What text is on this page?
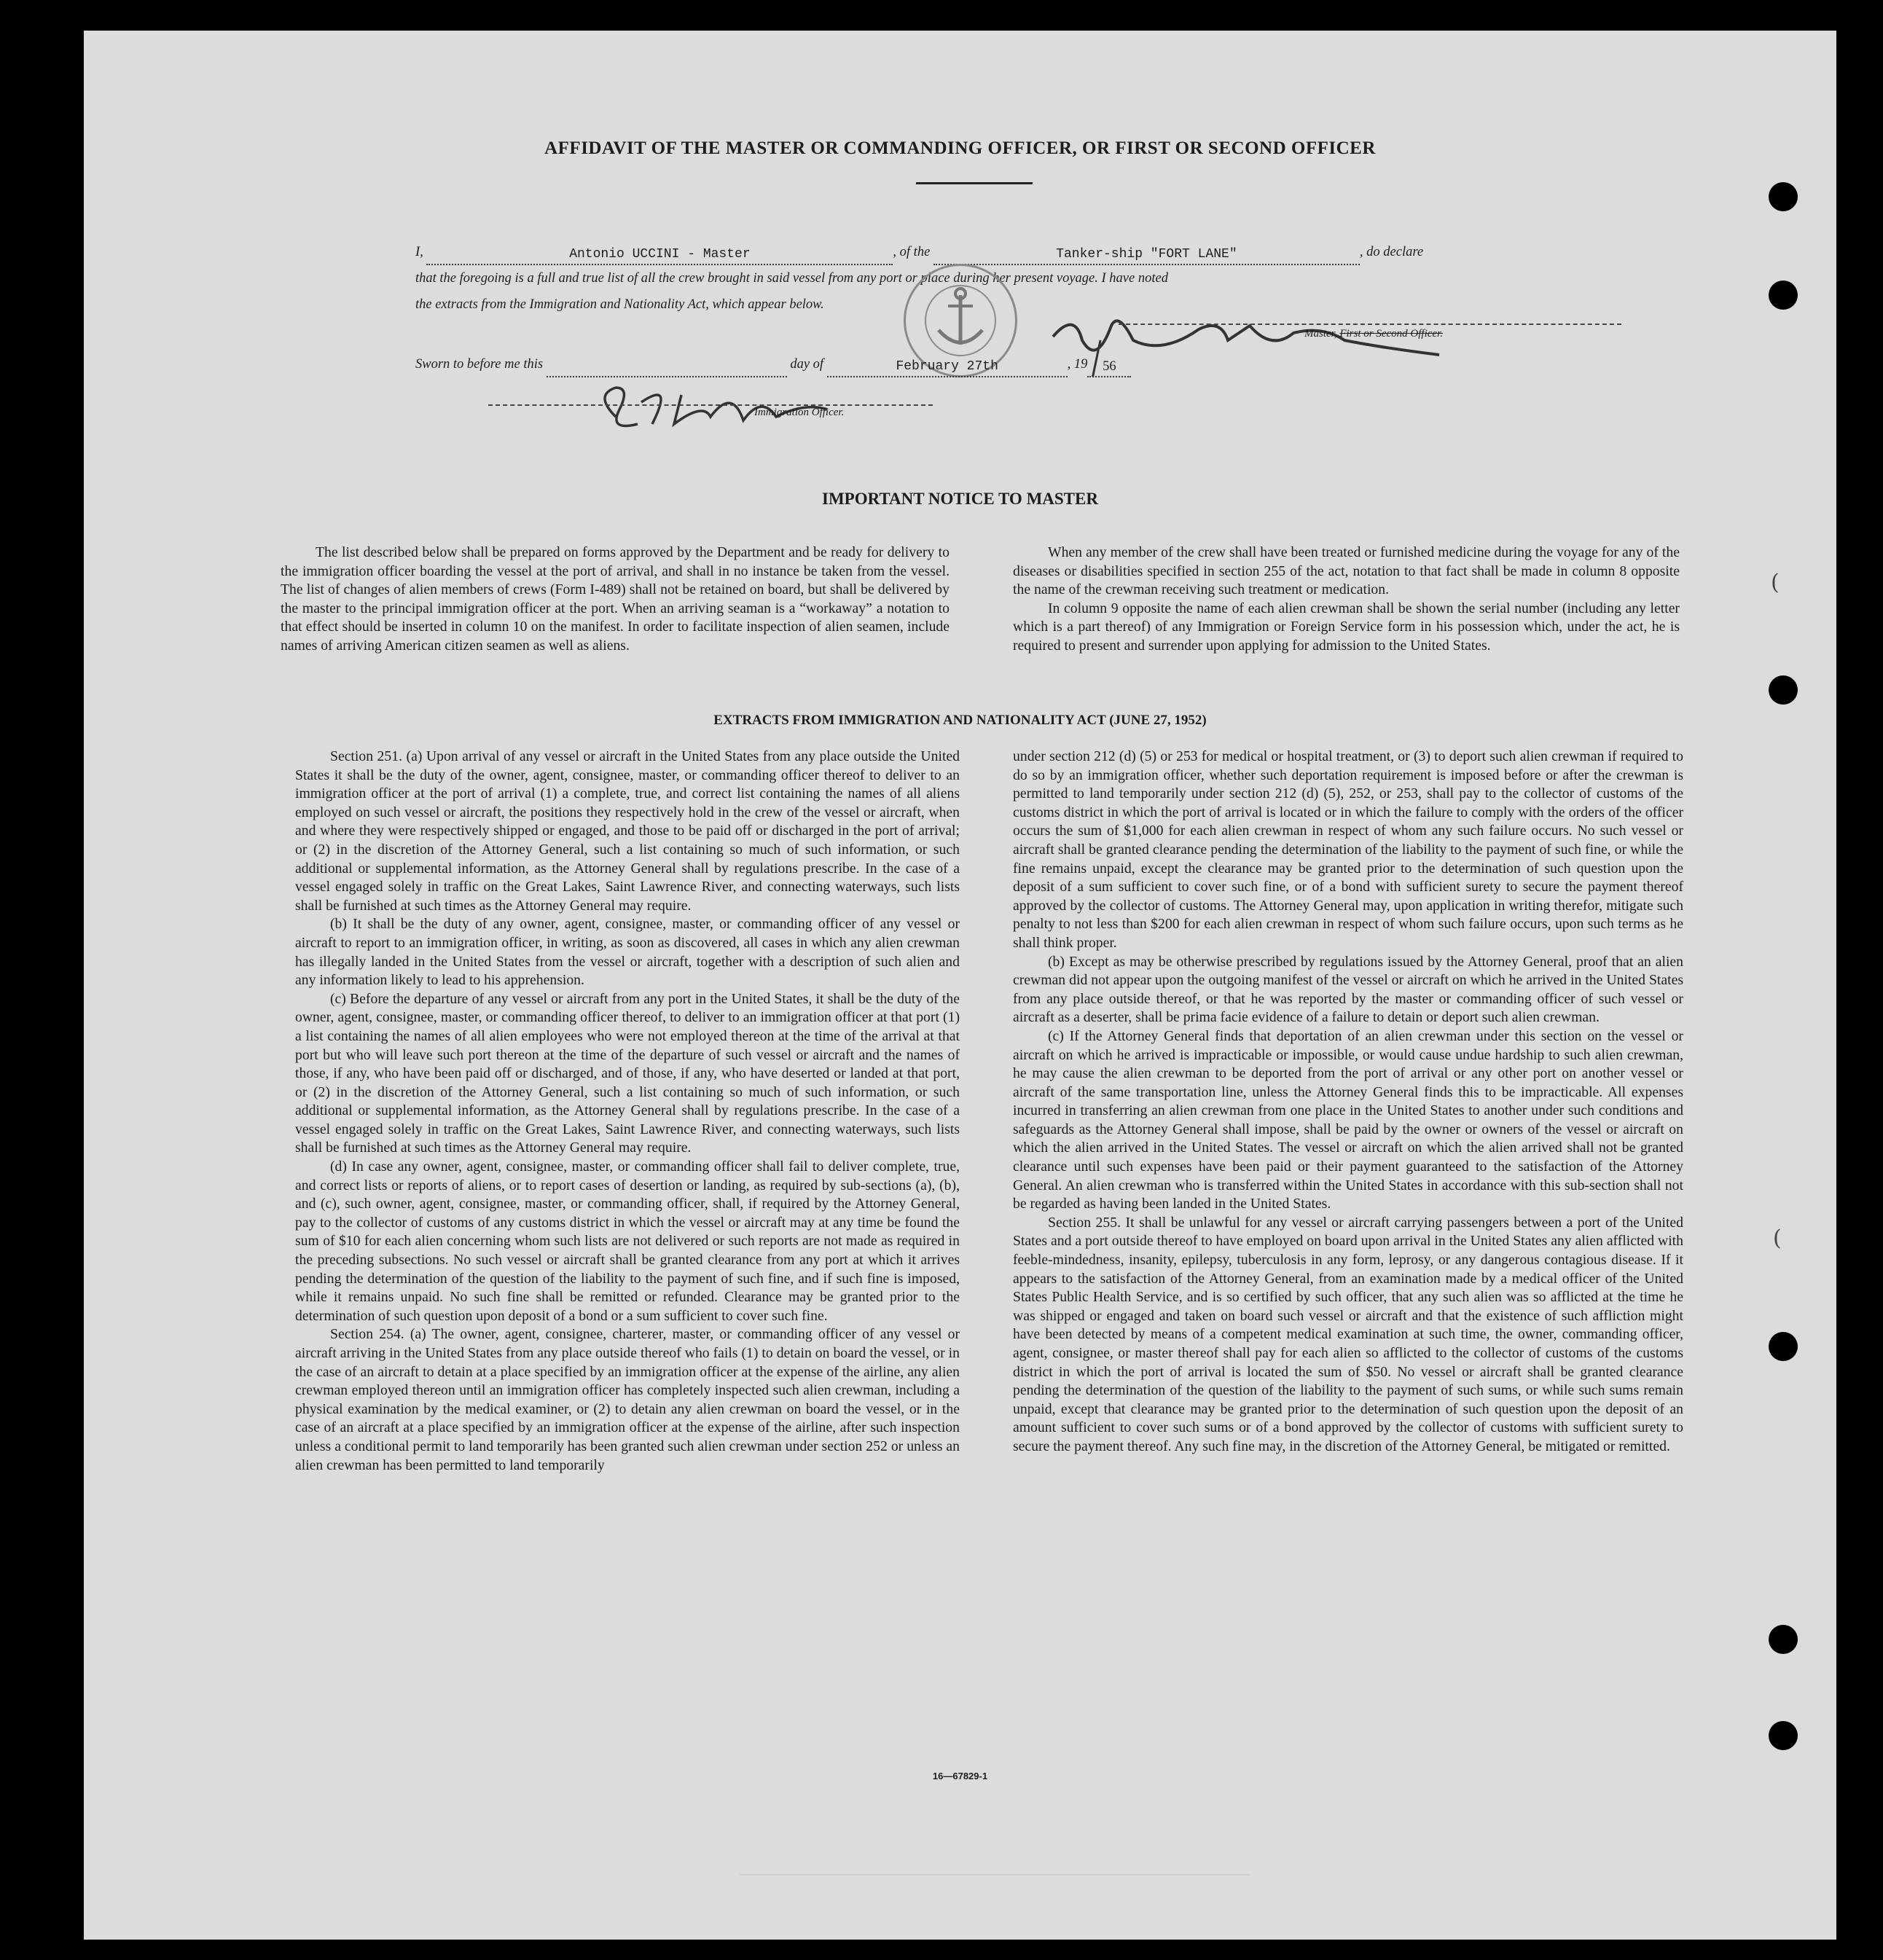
AFFIDAVIT OF THE MASTER OR COMMANDING OFFICER, OR FIRST OR SECOND OFFICER
I,	Antonio UCCINI - Master	, of the	Tanker-ship "FORT LANE"	, do declare
that the foregoing is a full and true list of all the crew brought in said vessel from any port or place during her present voyage. I have noted
the extracts from the Immigration and Nationality Act, which appear below.
Master, First or Second Officer.
Sworn to before me this	day of	February 27th	, 19 56
Immigration Officer.
IMPORTANT NOTICE TO MASTER

The list described below shall be prepared on forms approved by the Department and be ready for delivery to the immigration officer boarding the vessel at the port of arrival, and shall in no instance be taken from the vessel. The list of changes of alien members of crews (Form I-489) shall not be retained on board, but shall be delivered by the master to the principal immigration officer at the port. When an arriving seaman is a “workaway” a notation to that effect should be inserted in column 10 on the manifest. In order to facilitate inspection of alien seamen, include names of arriving American citizen seamen as well as aliens.

When any member of the crew shall have been treated or furnished medicine during the voyage for any of the diseases or disabilities specified in section 255 of the act, notation to that fact shall be made in column 8 opposite the name of the crewman receiving such treatment or medication.

In column 9 opposite the name of each alien crewman shall be shown the serial number (including any letter which is a part thereof) of any Immigration or Foreign Service form in his possession which, under the act, he is required to present and surrender upon applying for admission to the United States.

EXTRACTS FROM IMMIGRATION AND NATIONALITY ACT (JUNE 27, 1952)

Section 251. (a) Upon arrival of any vessel or aircraft in the United States from any place outside the United States it shall be the duty of the owner, agent, consignee, master, or commanding officer thereof to deliver to an immigration officer at the port of arrival (1) a complete, true, and correct list containing the names of all aliens employed on such vessel or aircraft, the positions they respectively hold in the crew of the vessel or aircraft, when and where they were respectively shipped or engaged, and those to be paid off or discharged in the port of arrival; or (2) in the discretion of the Attorney General, such a list containing so much of such information, or such additional or supplemental information, as the Attorney General shall by regulations prescribe. In the case of a vessel engaged solely in traffic on the Great Lakes, Saint Lawrence River, and connecting waterways, such lists shall be furnished at such times as the Attorney General may require.

(b) It shall be the duty of any owner, agent, consignee, master, or commanding officer of any vessel or aircraft to report to an immigration officer, in writing, as soon as discovered, all cases in which any alien crewman has illegally landed in the United States from the vessel or aircraft, together with a description of such alien and any information likely to lead to his apprehension.

(c) Before the departure of any vessel or aircraft from any port in the United States, it shall be the duty of the owner, agent, consignee, master, or commanding officer thereof, to deliver to an immigration officer at that port (1) a list containing the names of all alien employees who were not employed thereon at the time of the arrival at that port but who will leave such port thereon at the time of the departure of such vessel or aircraft and the names of those, if any, who have been paid off or discharged, and of those, if any, who have deserted or landed at that port, or (2) in the discretion of the Attorney General, such a list containing so much of such information, or such additional or supplemental information, as the Attorney General shall by regulations prescribe. In the case of a vessel engaged solely in traffic on the Great Lakes, Saint Lawrence River, and connecting waterways, such lists shall be furnished at such times as the Attorney General may require.

(d) In case any owner, agent, consignee, master, or commanding officer shall fail to deliver complete, true, and correct lists or reports of aliens, or to report cases of desertion or landing, as required by sub-sections (a), (b), and (c), such owner, agent, consignee, master, or commanding officer, shall, if required by the Attorney General, pay to the collector of customs of any customs district in which the vessel or aircraft may at any time be found the sum of $10 for each alien concerning whom such lists are not delivered or such reports are not made as required in the preceding subsections. No such vessel or aircraft shall be granted clearance from any port at which it arrives pending the determination of the question of the liability to the payment of such fine, and if such fine is imposed, while it remains unpaid. No such fine shall be remitted or refunded. Clearance may be granted prior to the determination of such question upon deposit of a bond or a sum sufficient to cover such fine.

Section 254. (a) The owner, agent, consignee, charterer, master, or commanding officer of any vessel or aircraft arriving in the United States from any place outside thereof who fails (1) to detain on board the vessel, or in the case of an aircraft to detain at a place specified by an immigration officer at the expense of the airline, any alien crewman employed thereon until an immigration officer has completely inspected such alien crewman, including a physical examination by the medical examiner, or (2) to detain any alien crewman on board the vessel, or in the case of an aircraft at a place specified by an immigration officer at the expense of the airline, after such inspection unless a conditional permit to land temporarily has been granted such alien crewman under section 252 or unless an alien crewman has been permitted to land temporarily

under section 212 (d) (5) or 253 for medical or hospital treatment, or (3) to deport such alien crewman if required to do so by an immigration officer, whether such deportation requirement is imposed before or after the crewman is permitted to land temporarily under section 212 (d) (5), 252, or 253, shall pay to the collector of customs of the customs district in which the port of arrival is located or in which the failure to comply with the orders of the officer occurs the sum of $1,000 for each alien crewman in respect of whom any such failure occurs. No such vessel or aircraft shall be granted clearance pending the determination of the liability to the payment of such fine, or while the fine remains unpaid, except the clearance may be granted prior to the determination of such question upon the deposit of a sum sufficient to cover such fine, or of a bond with sufficient surety to secure the payment thereof approved by the collector of customs. The Attorney General may, upon application in writing therefor, mitigate such penalty to not less than $200 for each alien crewman in respect of whom such failure occurs, upon such terms as he shall think proper.

(b) Except as may be otherwise prescribed by regulations issued by the Attorney General, proof that an alien crewman did not appear upon the outgoing manifest of the vessel or aircraft on which he arrived in the United States from any place outside thereof, or that he was reported by the master or commanding officer of such vessel or aircraft as a deserter, shall be prima facie evidence of a failure to detain or deport such alien crewman.

(c) If the Attorney General finds that deportation of an alien crewman under this section on the vessel or aircraft on which he arrived is impracticable or impossible, or would cause undue hardship to such alien crewman, he may cause the alien crewman to be deported from the port of arrival or any other port on another vessel or aircraft of the same transportation line, unless the Attorney General finds this to be impracticable. All expenses incurred in transferring an alien crewman from one place in the United States to another under such conditions and safeguards as the Attorney General shall impose, shall be paid by the owner or owners of the vessel or aircraft on which the alien arrived in the United States. The vessel or aircraft on which the alien arrived shall not be granted clearance until such expenses have been paid or their payment guaranteed to the satisfaction of the Attorney General. An alien crewman who is transferred within the United States in accordance with this sub-section shall not be regarded as having been landed in the United States.

Section 255. It shall be unlawful for any vessel or aircraft carrying passengers between a port of the United States and a port outside thereof to have employed on board upon arrival in the United States any alien afflicted with feeble-mindedness, insanity, epilepsy, tuberculosis in any form, leprosy, or any dangerous contagious disease. If it appears to the satisfaction of the Attorney General, from an examination made by a medical officer of the United States Public Health Service, and is so certified by such officer, that any such alien was so afflicted at the time he was shipped or engaged and taken on board such vessel or aircraft and that the existence of such affliction might have been detected by means of a competent medical examination at such time, the owner, commanding officer, agent, consignee, or master thereof shall pay for each alien so afflicted to the collector of customs of the customs district in which the port of arrival is located the sum of $50. No vessel or aircraft shall be granted clearance pending the determination of the question of the liability to the payment of such sums, or while such sums remain unpaid, except that clearance may be granted prior to the determination of such question upon the deposit of an amount sufficient to cover such sums or of a bond approved by the collector of customs with sufficient surety to secure the payment thereof. Any such fine may, in the discretion of the Attorney General, be mitigated or remitted.

16—67829-1
(
(
